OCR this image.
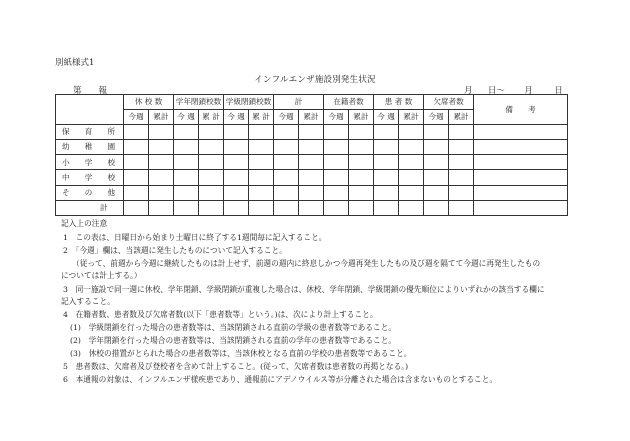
別紙様式1
インフルエンザ施設別発生状況
第　　報	月 日〜 月	日
	休 校 数		学年閉鎖校数		学級閉鎖校数		計		在籍者数		患 者 数		欠席者数		備　　考
	今週	累計	今 週	累 計	今 週	累 計	今週	累計	今週	累計	今 週	累計	今週	累計	
保　　育　　所															
幼　　稚　　園															
小　　学　　校															
中　　学　　校															
そ　　の　　他															
　　　　　計															
記入上の注意
1　この表は、日曜日から始まり土曜日に終了する1週間毎に記入すること。
2　「今週」欄は、当該週に発生したものについて記入すること。
（従って、前週から今週に継続したものは計上せず、前週の週内に終息しかつ今週再発生したもの及び週を隔てて今週に再発生したもの
については計上する。）
3　同一施設で同一週に休校、学年閉鎖、学級閉鎖が重複した場合は、休校、学年閉鎖、学級閉鎖の優先順位によりいずれかの該当する欄に
記入すること。
4　在籍者数、患者数及び欠席者数(以下「患者数等」という。)は、次により計上すること。
(1)　学級閉鎖を行った場合の患者数等は、当該閉鎖される直前の学級の患者数等であること。
(2)　学年閉鎖を行った場合の患者数等は、当該閉鎖される直前の学年の患者数等であること。
(3)　休校の措置がとられた場合の患者数等は、当該休校となる直前の学校の患者数等であること。
5　患者数は、欠席者及び登校者を含めて計上すること。(従って、欠席者数は患者数の再掲となる。)
6　本通報の対象は、インフルエンザ様疾患であり、通報前にアデノウイルス等が分離された場合は含まないものとすること。
